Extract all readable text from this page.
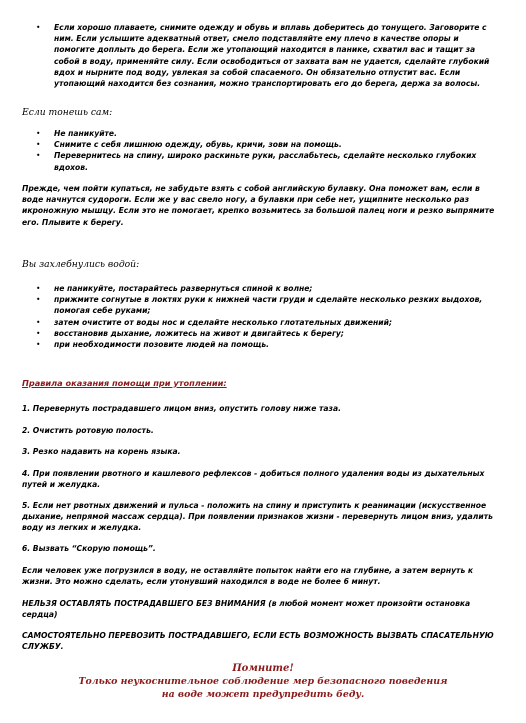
• Если хорошо плаваете, снимите одежду и обувь и вплавь доберитесь до тонущего. Заговорите с ним. Если услышите адекватный ответ, смело подставляйте ему плечо в качестве опоры и помогите доплыть до берега. Если же утопающий находится в панике, схватил вас и тащит за собой в воду, применяйте силу. Если освободиться от захвата вам не удается, сделайте глубокий вдох и нырните под воду, увлекая за собой спасаемого. Он обязательно отпустит вас. Если утопающий находится без сознания, можно транспортировать его до берега, держа за волосы.

Если тонешь сам:

• Не паникуйте.
• Снимите с себя лишнюю одежду, обувь, кричи, зови на помощь.
• Перевернитесь на спину, широко раскиньте руки, расслабьтесь, сделайте несколько глубоких вдохов.

Прежде, чем пойти купаться, не забудьте взять с собой английскую булавку. Она поможет вам, если в воде начнутся судороги. Если же у вас свело ногу, а булавки при себе нет, ущипните несколько раз икроножную мышцу. Если это не помогает, крепко возьмитесь за большой палец ноги и резко выпрямите его. Плывите к берегу.

Вы захлебнулись водой:

• не паникуйте, постарайтесь развернуться спиной к волне;
• прижмите согнутые в локтях руки к нижней части груди и сделайте несколько резких выдохов, помогая себе руками;
• затем очистите от воды нос и сделайте несколько глотательных движений;
• восстановив дыхание, ложитесь на живот и двигайтесь к берегу;
• при необходимости позовите людей на помощь.

Правила оказания помощи при утоплении:

1. Перевернуть пострадавшего лицом вниз, опустить голову ниже таза.

2. Очистить ротовую полость.

3. Резко надавить на корень языка.

4. При появлении рвотного и кашлевого рефлексов - добиться полного удаления воды из дыхательных путей и желудка.

5. Если нет рвотных движений и пульса - положить на спину и приступить к реанимации (искусственное дыхание, непрямой массаж сердца). При появлении признаков жизни - перевернуть лицом вниз, удалить воду из легких и желудка.

6. Вызвать “Скорую помощь”.

Если человек уже погрузился в воду, не оставляйте попыток найти его на глубине, а затем вернуть к жизни. Это можно сделать, если утонувший находился в воде не более 6 минут.

НЕЛЬЗЯ ОСТАВЛЯТЬ ПОСТРАДАВШЕГО БЕЗ ВНИМАНИЯ (в любой момент может произойти остановка сердца)

САМОСТОЯТЕЛЬНО ПЕРЕВОЗИТЬ ПОСТРАДАВШЕГО, ЕСЛИ ЕСТЬ ВОЗМОЖНОСТЬ ВЫЗВАТЬ СПАСАТЕЛЬНУЮ СЛУЖБУ.

Помните!
Только неукоснительное соблюдение мер безопасного поведения
на воде может предупредить беду.
